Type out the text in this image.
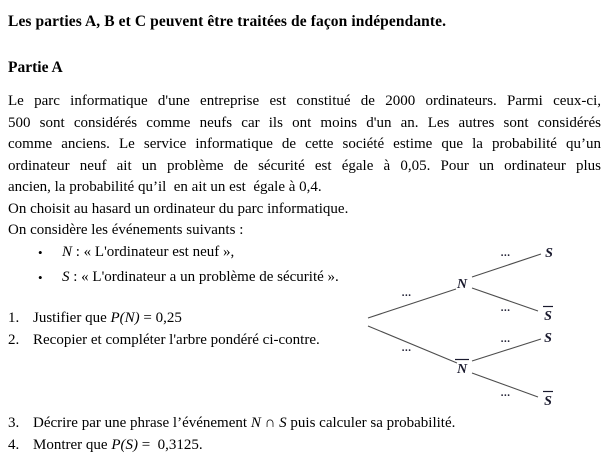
Les parties A, B et C peuvent être traitées de façon indépendante.
Partie A
Le parc informatique d'une entreprise est constitué de 2000 ordinateurs. Parmi ceux-ci,
500 sont considérés comme neufs car ils ont moins d'un an. Les autres sont considérés
comme anciens. Le service informatique de cette société estime que la probabilité qu’un
ordinateur neuf ait un problème de sécurité est égale à 0,05. Pour un ordinateur plus
ancien, la probabilité qu’il  en ait un est  égale à 0,4.
On choisit au hasard un ordinateur du parc informatique.
On considère les événements suivants :
•	N : « L'ordinateur est neuf »,
•	S : « L'ordinateur a un problème de sécurité ».
1. Justifier que P(N) = 0,25
2. Recopier et compléter l'arbre pondéré ci-contre.
3. Décrire par une phrase l’événement N ∩ S puis calculer sa probabilité.
4. Montrer que P(S) =  0,3125.
...
...
...
...
...
...
N
N
S
S
S
S
